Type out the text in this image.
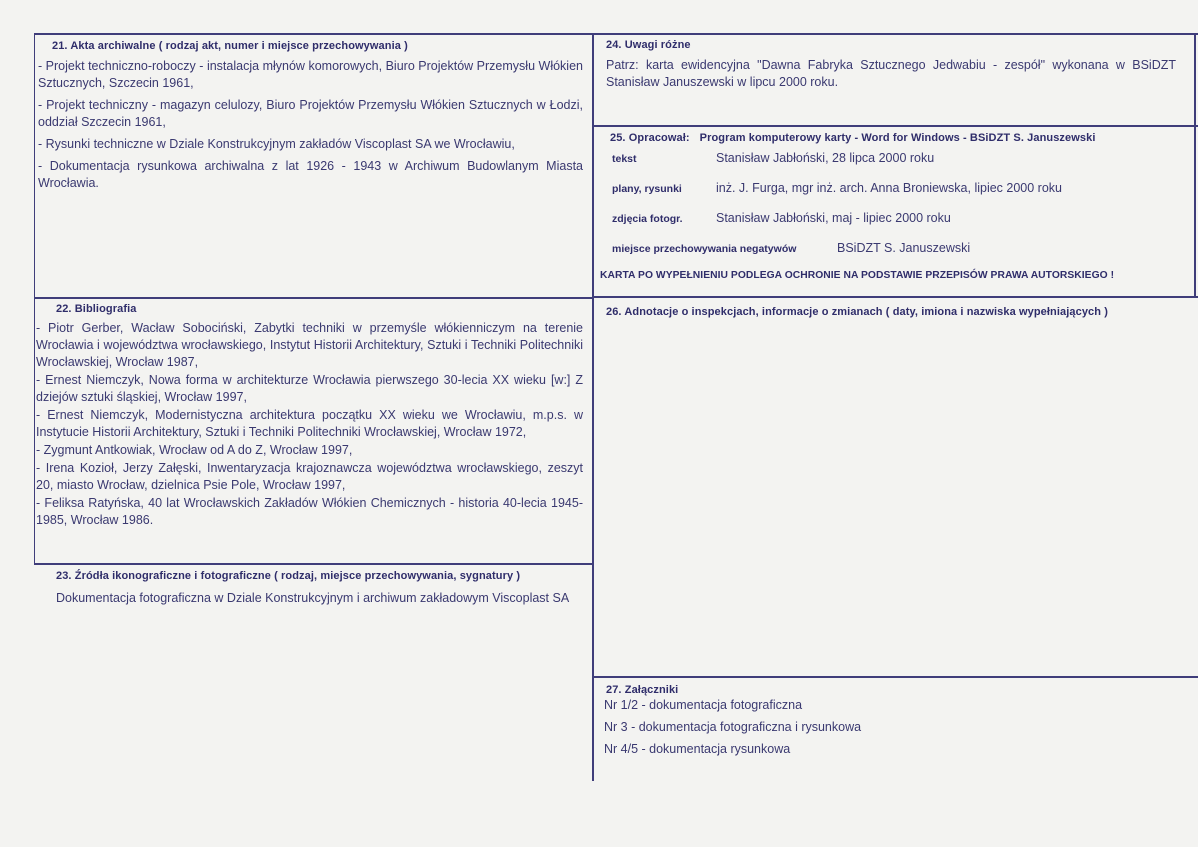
21. Akta archiwalne ( rodzaj akt, numer i miejsce przechowywania )
- Projekt techniczno-roboczy - instalacja młynów komorowych, Biuro Projektów Przemysłu Włókien Sztucznych, Szczecin 1961,
- Projekt techniczny - magazyn celulozy, Biuro Projektów Przemysłu Włókien Sztucznych w Łodzi, oddział Szczecin 1961,
- Rysunki techniczne w Dziale Konstrukcyjnym zakładów Viscoplast SA we Wrocławiu,
- Dokumentacja rysunkowa archiwalna z lat 1926 - 1943 w Archiwum Budowlanym Miasta Wrocławia.
22. Bibliografia
- Piotr Gerber, Wacław Sobociński, Zabytki techniki w przemyśle włókienniczym na terenie Wrocławia i województwa wrocławskiego, Instytut Historii Architektury, Sztuki i Techniki Politechniki Wrocławskiej, Wrocław 1987,
- Ernest Niemczyk, Nowa forma w architekturze Wrocławia pierwszego 30-lecia XX wieku [w:] Z dziejów sztuki śląskiej, Wrocław 1997,
- Ernest Niemczyk, Modernistyczna architektura początku XX wieku we Wrocławiu, m.p.s. w Instytucie Historii Architektury, Sztuki i Techniki Politechniki Wrocławskiej, Wrocław 1972,
- Zygmunt Antkowiak, Wrocław od A do Z, Wrocław 1997,
- Irena Kozioł, Jerzy Załęski, Inwentaryzacja krajoznawcza województwa wrocławskiego, zeszyt 20, miasto Wrocław, dzielnica Psie Pole, Wrocław 1997,
- Feliksa Ratyńska, 40 lat Wrocławskich Zakładów Włókien Chemicznych - historia 40-lecia 1945-1985, Wrocław 1986.
23. Źródła ikonograficzne i fotograficzne ( rodzaj, miejsce przechowywania, sygnatury )
Dokumentacja fotograficzna w Dziale Konstrukcyjnym i archiwum zakładowym Viscoplast SA
24. Uwagi różne
Patrz: karta ewidencyjna "Dawna Fabryka Sztucznego Jedwabiu - zespół" wykonana w BSiDZT Stanisław Januszewski w lipcu 2000 roku.
25. Opracował: Program komputerowy karty - Word for Windows - BSiDZT S. Januszewski
tekst	Stanisław Jabłoński, 28 lipca 2000 roku
plany, rysunki	inż. J. Furga, mgr inż. arch. Anna Broniewska, lipiec 2000 roku
zdjęcia fotogr.	Stanisław Jabłoński, maj - lipiec 2000 roku
miejsce przechowywania negatywów	BSiDZT S. Januszewski
KARTA PO WYPEŁNIENIU PODLEGA OCHRONIE NA PODSTAWIE PRZEPISÓW PRAWA AUTORSKIEGO !
26. Adnotacje o inspekcjach, informacje o zmianach ( daty, imiona i nazwiska wypełniających )
27. Załączniki
Nr 1/2 - dokumentacja fotograficzna
Nr 3 - dokumentacja fotograficzna i rysunkowa
Nr 4/5 - dokumentacja rysunkowa
